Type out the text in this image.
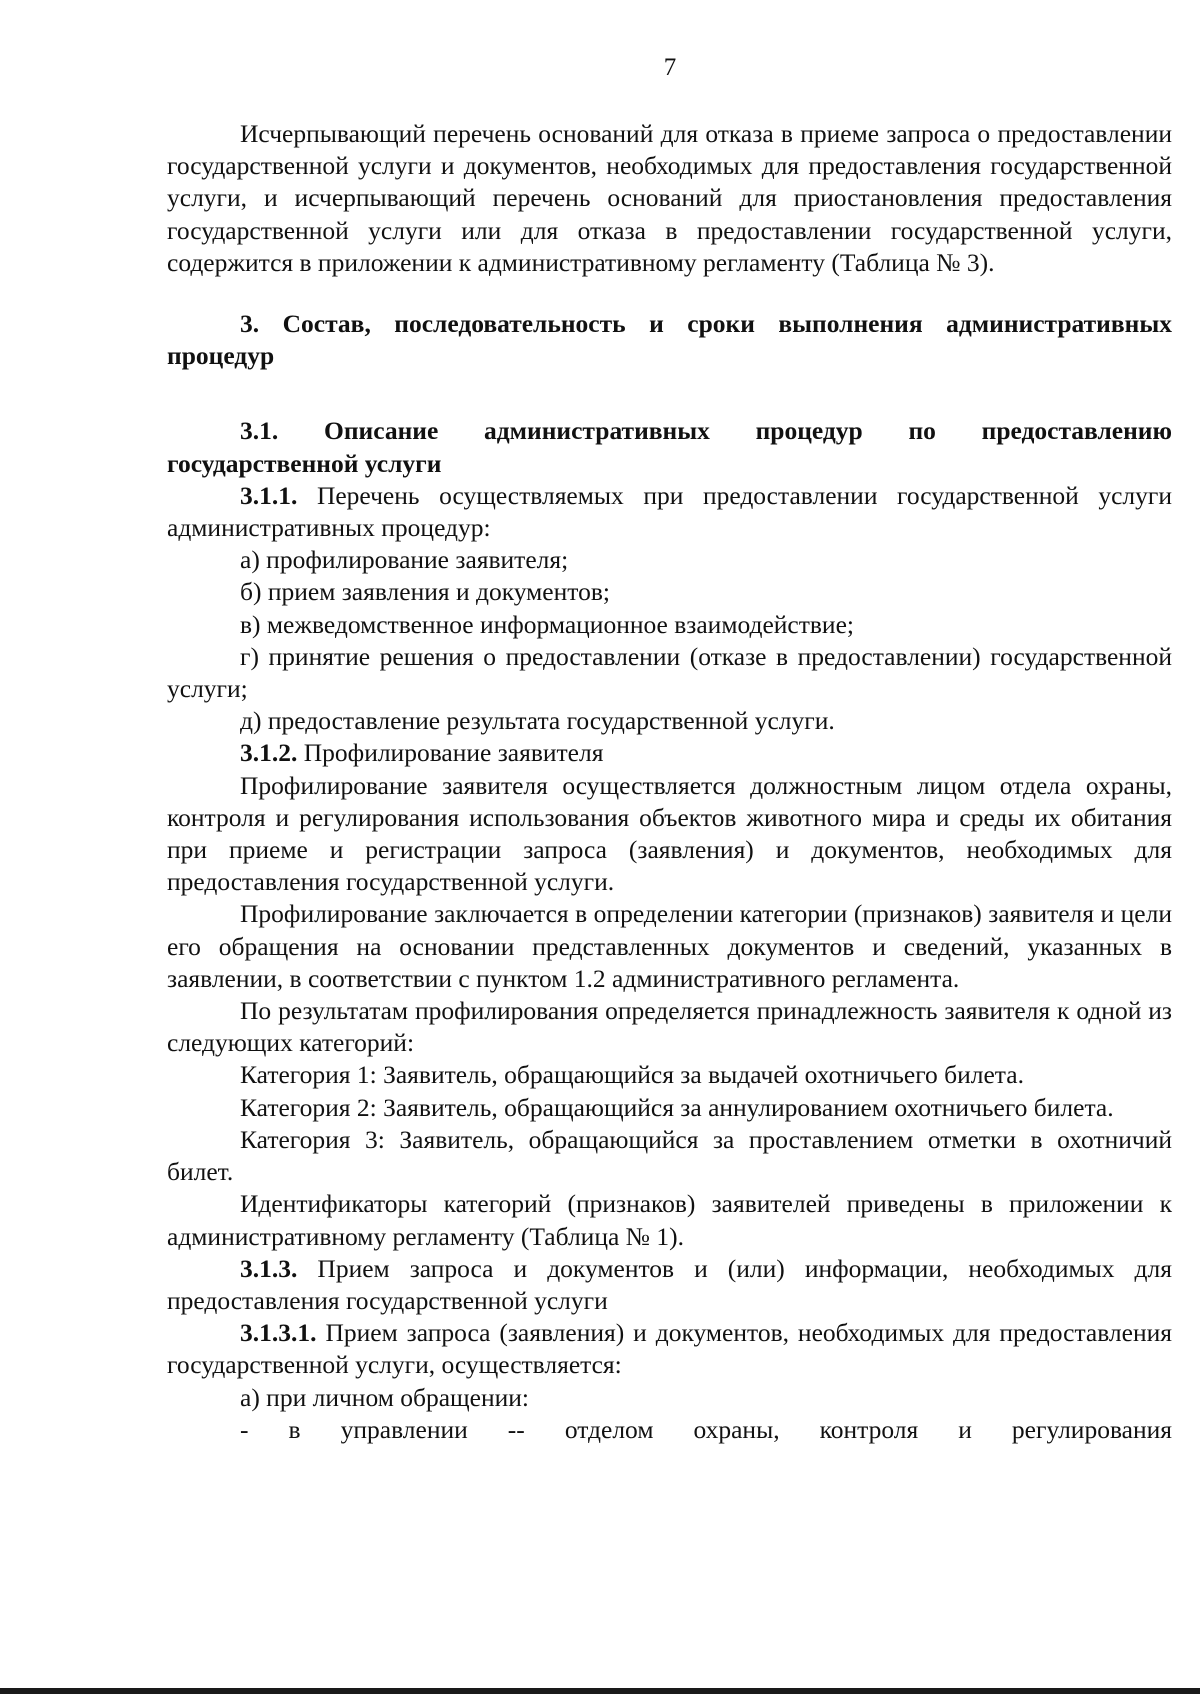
7

Исчерпывающий перечень оснований для отказа в приеме запроса о предоставлении государственной услуги и документов, необходимых для предоставления государственной услуги, и исчерпывающий перечень оснований для приостановления предоставления государственной услуги или для отказа в предоставлении государственной услуги, содержится в приложении к административному регламенту (Таблица № 3).

3. Состав, последовательность и сроки выполнения административных процедур

3.1. Описание административных процедур по предоставлению государственной услуги

3.1.1. Перечень осуществляемых при предоставлении государственной услуги административных процедур:

а) профилирование заявителя;

б) прием заявления и документов;

в) межведомственное информационное взаимодействие;

г) принятие решения о предоставлении (отказе в предоставлении) государственной услуги;

д) предоставление результата государственной услуги.

3.1.2. Профилирование заявителя

Профилирование заявителя осуществляется должностным лицом отдела охраны, контроля и регулирования использования объектов животного мира и среды их обитания при приеме и регистрации запроса (заявления) и документов, необходимых для предоставления государственной услуги.

Профилирование заключается в определении категории (признаков) заявителя и цели его обращения на основании представленных документов и сведений, указанных в заявлении, в соответствии с пунктом 1.2 административного регламента.

По результатам профилирования определяется принадлежность заявителя к одной из следующих категорий:

Категория 1: Заявитель, обращающийся за выдачей охотничьего билета.

Категория 2: Заявитель, обращающийся за аннулированием охотничьего билета.

Категория 3: Заявитель, обращающийся за проставлением отметки в охотничий билет.

Идентификаторы категорий (признаков) заявителей приведены в приложении к административному регламенту (Таблица № 1).

3.1.3. Прием запроса и документов и (или) информации, необходимых для предоставления государственной услуги

3.1.3.1. Прием запроса (заявления) и документов, необходимых для предоставления государственной услуги, осуществляется:

а) при личном обращении:

- в управлении -- отделом охраны, контроля и регулирования
